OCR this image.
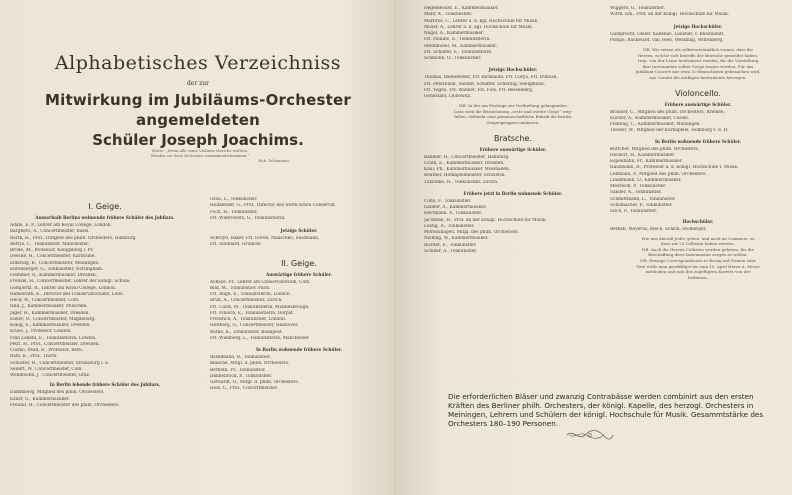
Alphabetisches Verzeichniss
der zur
Mitwirkung im Jubiläums-Orchester angemeldeten
Schüler Joseph Joachims.
Motto: „Wenn alle seine Violinen streiche wollten,
Würden sie doch Orchester zusammenbekommen.“
Rob. Schumann.
I. Geige.
Ausserhalb Berlins wohnende frühere Schüler des Jubilars.
Adam, E. P., Lehrer am Royal College, London.
Barghero, A., Concertmeister, Basel.
Barth, H., Prof., Dirigent des philh. Orchesters, Hamburg.
Betrys, C., Tonkünstler, Manchester.
Brode, M., Professor, Königsberg i. Pr.
Deecke, H., Concertmeister, Karlsruhe.
Eldering, B., Concertmeister, Meiningen.
Ehrenberger, G., Tonkünstler, Nottingham.
Flemmer, A., Kammermusiker, Dresden.
Frenzel, H., Concertmeister, Lehrer der königl. Schule.
Gompertz, R., Lehrer am Royal College, London.
Hamelrath, E., Director des Conservatoriums, Lodz.
Heck, W., Concertmeister, Cöln.
Hild, J., Kammermusiker, München.
Jäger, H., Kammermusiker, Dresden.
Kiefer, O., Concertmeister, Magdeburg.
König, E., Kammermusiker, Dresden.
Kruse, J., Professor, London.
Finn Lallehl, E., Tonkünstlerin, London.
Petri, H., Prof., Concertmeister, Dresden.
Cosmo, Pauli, B., Professor, Bern.
Rahl, K., Prof., Thorn.
Schuster, H., Concertmeister, Strassburg i. E.
Seifert, W., Concertmeister, Cöln.
Wendtsohn, J., Concertmeister, Graz.
In Berlin lebende frühere Schüler des Jubilars.
Dammberg, Mitglied des philh. Orchesters.
Exner, G., Kammermusiker.
Freund, H., Concertmeister des philh. Orchesters.
Grau, L., Tonkünstler.
Hollaender, G., Prof., Director des Stern'schen Conservat.
Foch, H., Tonkünstler.
Frl. Wietrowetz, G., Tonkünstlerin.
Jetzige Schüler.
Ackroyd, Baker, Frl. Doren, Palaschko, Sussmann,
Frl. Stoddard, Grumow.
II. Geige.
Auswärtige frühere Schüler.
Achaye, Fr., Lehrer am Conservatorium, Cöln.
Bild, M., Tonkünstler, Paris.
Frl. Bligh, E., Tonkünstlerin, London.
Brun, A., Concertmeister, Zürich.
Frl. Clark, M., Tonkünstlerin, Middlesbrough.
Frl. Finisch, E., Tonkünstlerin, Dorpat.
Friedrich, A., Tonkünstler, London.
Hintberg, G., Concertmeister, Hannover.
Rothe, K., Tonkünstler, Budapest.
Frl. Wienberg, L., Tonkünstlerin, Manchester.
In Berlin wohnende frühere Schüler.
Baselmann, B., Tonkünstler.
Blanche, Mitgl. d. philh. Orchesters.
Berbeth, Fr., Tonkünstler.
Dannebrock, P., Tonkünstler.
Gerhardt, O., Mitgl. d. philh. Orchesters.
Holz, C., Prof., Concertmeister.
Hegemeister, E., Kammermusiker.
Mahr, K., Tonkünstler.
Marbros, C., Lehrer a. d. kgl. Hochschule für Musik.
Moser, A., Lehrer a. d. kgl. Hochschule für Musik.
Nagel, A., Kammermusiker.
Frl. Pauline, E., Tonkünstlerin.
Steinmüdel, M., Kammermusiker.
Frl. Schäffer, E., Tonkünstlerin.
Schmölin, O., Tonkünstler.
Jetzige Hochschüler.
Thomas, Baenefelder, Frl. Birnbaum, Frl. Corya, Frl. Duncan,
Frl. Peterbinat, Sander, Schäffer, Schering, Seelgmann,
Frl. Vögeli, Frl. Wanner, Frl. Fick, Frl. Besselberg,
Göhnstahl, Leibowitz.
NB. In der am Festtage zur Vertheilung gelangenden
Liste wird die Bezeichnung „erste und zweite Geige“ weg-
fallen, vielmehr eine gemeinschaftliche Rubrik die beiden
Geigengruppen umfassen.
Bratsche.
Frühere auswärtige Schüler.
Bandler, H., Concertmeister, Hamburg.
Crath, E., Kammermusiker, Dresden.
Kaul, Ph., Kammermusiker, Wiesbaden.
Reuther, Hofkapellmeister, Schwerin.
Tutschke, H., Tonkünstler, Zürich.
Frühere jetzt in Berlin wohnende Schüler.
Cohn, F., Tonkünstler.
Gabner, A., Kammermusiker.
Herrmann, P., Tonkünstler.
Jacobsen, H., Prof. an der königl. Hochschule für Musik.
Lüstig, A., Tonkünstler.
Morezuhagen, Mitgl. des philh. Orchesters.
Nicking, W., Kammermusiker.
Richter, E., Tonkünstler.
Schiller, A., Tonkünstler.
Wiggers, G., Tonkünstler.
Wirth, Em., Prof. an der königl. Hochschule für Musik.
Jetzige Hochschüler.
Gumprecht, Geller, Käbelius, Lauener, v. Rheinländt,
Pompe, Rückward, van Veen, Wendling, Wittenberg.
NB. Wir setzen als selbstverständlich voraus, dass die
Herren, welche sich betreffs der Bratsche gemeldet haben,
resp. von der Leine Instrument wurden, für die Vorstellung
ihre Instrumente selber Sorge tragen werden. Für das
Jubiläum-Concert nur etwa 10 Bratschisten gebrauchen wird,
aus Comité die nöthigen Instrumente besorgen.
Violoncello.
Frühere auswärtige Schüler.
Brauner, C., Mitglied des philh. Orchesters, Bremen.
Eücher, A., Kammermusiker, Cassel.
Fleming, C., Kammermusiker, Meiningen.
Tiecker, W., Mitglied der Kurkapelle, Homburg v. d. H.
In Berlin wohnende frühere Schüler.
Büttcher, Mitglied des philh. Orchesters.
Dechert, H., Kammermusiker.
Espenhahn, Fr., Kammermusiker.
Hausmann, R., Professor a. d. königl. Hochschule f. Musik.
Lehmann, P., Mitglied des philh. Orchesters.
Lindemann, O., Kammermusiker.
Meerwoll, P., Tonkünstler.
Sander, A., Tonkünstler.
Schmittmann, L., Tonkünstler.
Schumacher, P., Tonkünstler.
Sitch, P., Tonkünstler.
Hochschüler.
Berkeb, Meyerus, Blech, Schick, Stolberger.
Wie uns überall Jeder gehen, und auch im Commers, so
dass wir 23 Cellisten haben werden.
NB. Auch die Herren Cellisten werden gebeten, für die
Beschaffung ihrer Instrumente sorgen zu wollen.
NB. Etwaige Correspondenzen in Bezug auf Namen oder
Titel wolle man gestfälligst bis zum 10. April Herrn A. Moser
mittheilen und sich des zugefügten Kuverts von der
bedienen.
Die erforderlichen Bläser und zwanzig Contrabässe werden combinirt aus den ersten Kräften des Berliner philh. Orchesters, der königl. Kapelle, des herzogl. Orchesters in Meiningen, Lehrern und Schülern der königl. Hochschule für Musik. Gesammtstärke des Orchesters 180–190 Personen.
